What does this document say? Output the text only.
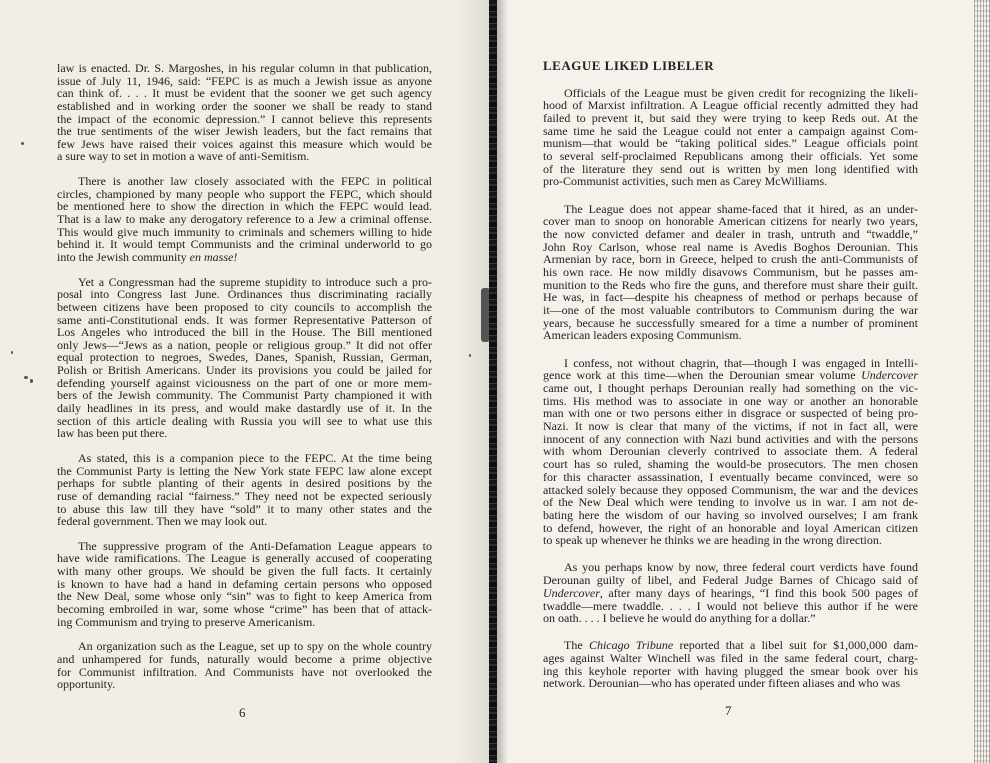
law is enacted. Dr. S. Margoshes, in his regular column in that publication,
issue of July 11, 1946, said: “FEPC is as much a Jewish issue as anyone
can think of. . . . It must be evident that the sooner we get such agency
established and in working order the sooner we shall be ready to stand
the impact of the economic depression.” I cannot believe this represents
the true sentiments of the wiser Jewish leaders, but the fact remains that
few Jews have raised their voices against this measure which would be
a sure way to set in motion a wave of anti-Semitism.
There is another law closely associated with the FEPC in political
circles, championed by many people who support the FEPC, which should
be mentioned here to show the direction in which the FEPC would lead.
That is a law to make any derogatory reference to a Jew a criminal offense.
This would give much immunity to criminals and schemers willing to hide
behind it. It would tempt Communists and the criminal underworld to go
into the Jewish community en masse!
Yet a Congressman had the supreme stupidity to introduce such a pro-
posal into Congress last June. Ordinances thus discriminating racially
between citizens have been proposed to city councils to accomplish the
same anti-Constitutional ends. It was former Representative Patterson of
Los Angeles who introduced the bill in the House. The Bill mentioned
only Jews—“Jews as a nation, people or religious group.” It did not offer
equal protection to negroes, Swedes, Danes, Spanish, Russian, German,
Polish or British Americans. Under its provisions you could be jailed for
defending yourself against viciousness on the part of one or more mem-
bers of the Jewish community. The Communist Party championed it with
daily headlines in its press, and would make dastardly use of it. In the
section of this article dealing with Russia you will see to what use this
law has been put there.
As stated, this is a companion piece to the FEPC. At the time being
the Communist Party is letting the New York state FEPC law alone except
perhaps for subtle planting of their agents in desired positions by the
ruse of demanding racial “fairness.” They need not be expected seriously
to abuse this law till they have “sold” it to many other states and the
federal government. Then we may look out.
The suppressive program of the Anti-Defamation League appears to
have wide ramifications. The League is generally accused of cooperating
with many other groups. We should be given the full facts. It certainly
is known to have had a hand in defaming certain persons who opposed
the New Deal, some whose only “sin” was to fight to keep America from
becoming embroiled in war, some whose “crime” has been that of attack-
ing Communism and trying to preserve Americanism.
An organization such as the League, set up to spy on the whole country
and unhampered for funds, naturally would become a prime objective
for Communist infiltration. And Communists have not overlooked the
opportunity.
6
LEAGUE LIKED LIBELER
Officials of the League must be given credit for recognizing the likeli-
hood of Marxist infiltration. A League official recently admitted they had
failed to prevent it, but said they were trying to keep Reds out. At the
same time he said the League could not enter a campaign against Com-
munism—that would be “taking political sides.” League officials point
to several self-proclaimed Republicans among their officials. Yet some
of the literature they send out is written by men long identified with
pro-Communist activities, such men as Carey McWilliams.
The League does not appear shame-faced that it hired, as an under-
cover man to snoop on honorable American citizens for nearly two years,
the now convicted defamer and dealer in trash, untruth and “twaddle,”
John Roy Carlson, whose real name is Avedis Boghos Derounian. This
Armenian by race, born in Greece, helped to crush the anti-Communists of
his own race. He now mildly disavows Communism, but he passes am-
munition to the Reds who fire the guns, and therefore must share their guilt.
He was, in fact—despite his cheapness of method or perhaps because of
it—one of the most valuable contributors to Communism during the war
years, because he successfully smeared for a time a number of prominent
American leaders exposing Communism.
I confess, not without chagrin, that—though I was engaged in Intelli-
gence work at this time—when the Derounian smear volume Undercover
came out, I thought perhaps Derounian really had something on the vic-
tims. His method was to associate in one way or another an honorable
man with one or two persons either in disgrace or suspected of being pro-
Nazi. It now is clear that many of the victims, if not in fact all, were
innocent of any connection with Nazi bund activities and with the persons
with whom Derounian cleverly contrived to associate them. A federal
court has so ruled, shaming the would-be prosecutors. The men chosen
for this character assassination, I eventually became convinced, were so
attacked solely because they opposed Communism, the war and the devices
of the New Deal which were tending to involve us in war. I am not de-
bating here the wisdom of our having so involved ourselves; I am frank
to defend, however, the right of an honorable and loyal American citizen
to speak up whenever he thinks we are heading in the wrong direction.
As you perhaps know by now, three federal court verdicts have found
Derounan guilty of libel, and Federal Judge Barnes of Chicago said of
Undercover, after many days of hearings, “I find this book 500 pages of
twaddle—mere twaddle. . . . I would not believe this author if he were
on oath. . . . I believe he would do anything for a dollar.”
The Chicago Tribune reported that a libel suit for $1,000,000 dam-
ages against Walter Winchell was filed in the same federal court, charg-
ing this keyhole reporter with having plugged the smear book over his
network. Derounian—who has operated under fifteen aliases and who was
7
